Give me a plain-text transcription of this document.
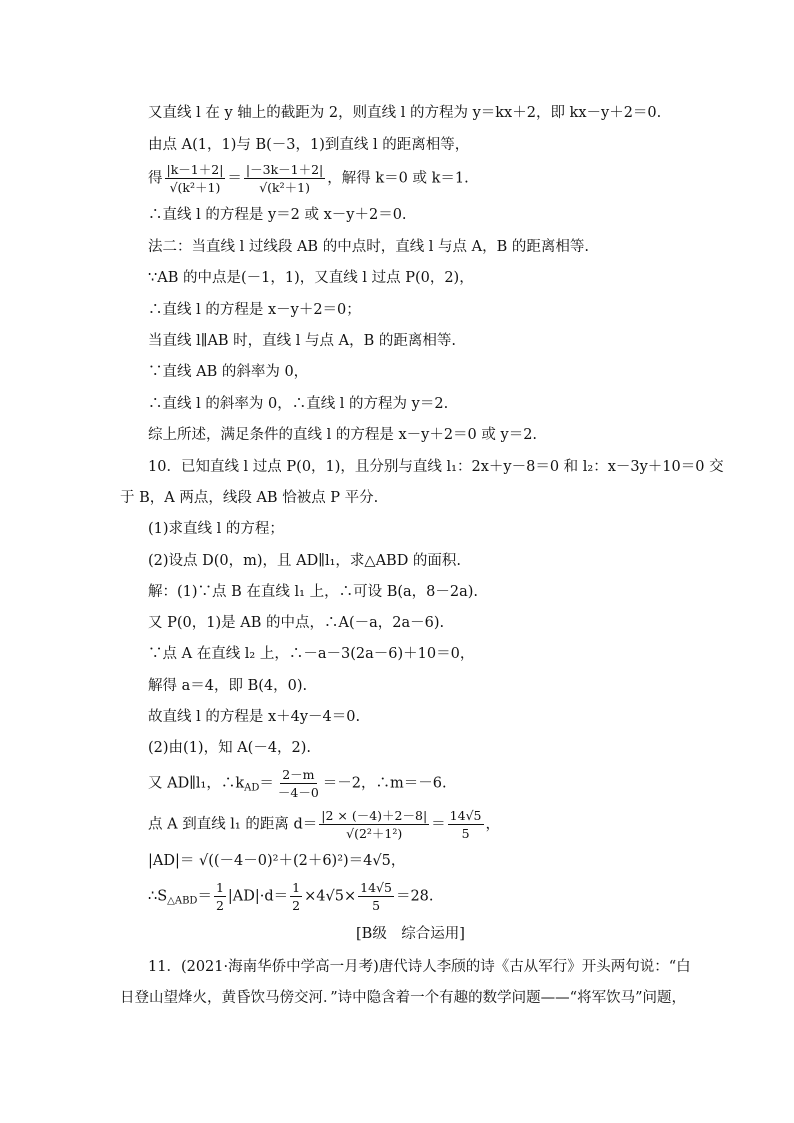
又直线 l 在 y 轴上的截距为 2，则直线 l 的方程为 y＝kx＋2，即 kx－y＋2＝0.
由点 A(1，1)与 B(－3，1)到直线 l 的距离相等，
得 $\frac{|k-1+2|}{\text{√(k²＋1)}} = \frac{|-3k-1+2|}{\text{√(k²＋1)}}$ ，解得 k＝0 或 k＝1.
∴直线 l 的方程是 y＝2 或 x－y＋2＝0.
法二：当直线 l 过线段 AB 的中点时，直线 l 与点 A，B 的距离相等.
∵AB 的中点是(－1，1)，又直线 l 过点 P(0，2)，
∴直线 l 的方程是 x－y＋2＝0；
当直线 l∥AB 时，直线 l 与点 A，B 的距离相等.
∵直线 AB 的斜率为 0，
∴直线 l 的斜率为 0，∴直线 l 的方程为 y＝2.
综上所述，满足条件的直线 l 的方程是 x－y＋2＝0 或 y＝2.
10．已知直线 l 过点 P(0，1)，且分别与直线 l₁：2x＋y－8＝0 和 l₂：x－3y＋10＝0 交
于 B，A 两点，线段 AB 恰被点 P 平分.
(1)求直线 l 的方程；
(2)设点 D(0，m)，且 AD∥l₁，求△ABD 的面积.
解：(1)∵点 B 在直线 l₁ 上，∴可设 B(a，8－2a).
又 P(0，1)是 AB 的中点，∴A(－a，2a－6).
∵点 A 在直线 l₂ 上，∴－a－3(2a－6)＋10＝0，
解得 a＝4，即 B(4，0).
故直线 l 的方程是 x＋4y－4＝0.
(2)由(1)，知 A(－4，2).
又 AD∥l₁，$\therefore k_{AD}= \frac{2-m}{-4-0} =-2$，∴m＝－6.
点 A 到直线 l₁ 的距离 $d= \frac{|2 \times (-4)+2-8|}{\text{√(2²＋1²)}} = \frac{14√5}{5}$ ，
|AD|＝ √((－4－0)²＋(2＋6)²)＝4√5，
$\therefore S_{\triangle ABD}= \frac{1}{2} |AD|\cdot d= \frac{1}{2} \times 4√5\times \frac{14√5}{5} =28$.
[B级　综合运用]
11．(2021·海南华侨中学高一月考)唐代诗人李颀的诗《古从军行》开头两句说：“白
日登山望烽火，黄昏饮马傍交河．”诗中隐含着一个有趣的数学问题——“将军饮马”问题，
